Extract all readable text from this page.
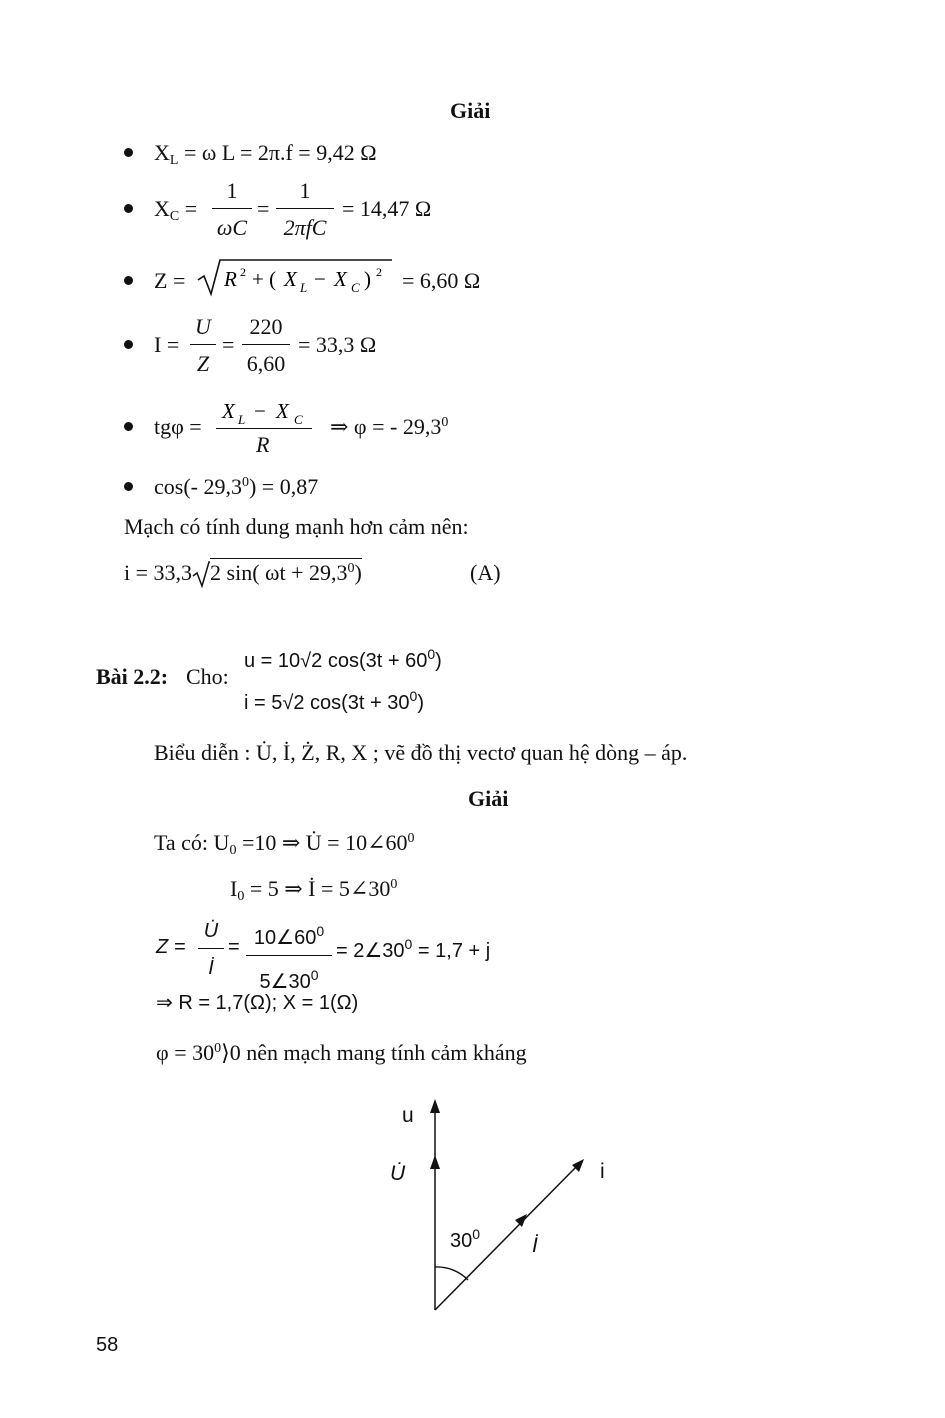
Giải
$X_L = \omega$ L = 2π.f = 9,42 Ω
$X_C$ =
1
ωC
=
1
2πfC
= 14,47 Ω
Z = R 2 + ( X L − X C ) 2 = 6,60 Ω
I =
U
Z
=
220
6,60
= 33,3 Ω
tgφ =
X L − X C
R
⇒ φ = - 29,3$^0$
cos(- $29,3^0) = 0,87$
Mạch có tính dung mạnh hơn cảm nên:
i = 33,3 2 sin( $\omega t + 29,3^0$)	(A)
Bài 2.2: Cho:
u = 10√2 $\cos(3t + 60^0)$
i = 5√2 $\cos(3t + 30^0)$
Biểu diễn : U̇, İ, Ż, R, X ; vẽ đồ thị vectơ quan hệ dòng – áp.
Giải
Ta có: $U_0 =10$ ⇒ U̇ = $10\angle 60^0$
$I_0 = 5$ ⇒ İ = $5\angle 30^0$
Z =
U̇
İ
= $10\angle 60^0$
$5\angle 30^0$
= $2\angle 30^0 = 1,7 + j$
⇒ R = 1,7(Ω); X = 1(Ω)
$\varphi = 30^0⟩0$ nên mạch mang tính cảm kháng
u
U̇	i
İ
$30^0$
58
